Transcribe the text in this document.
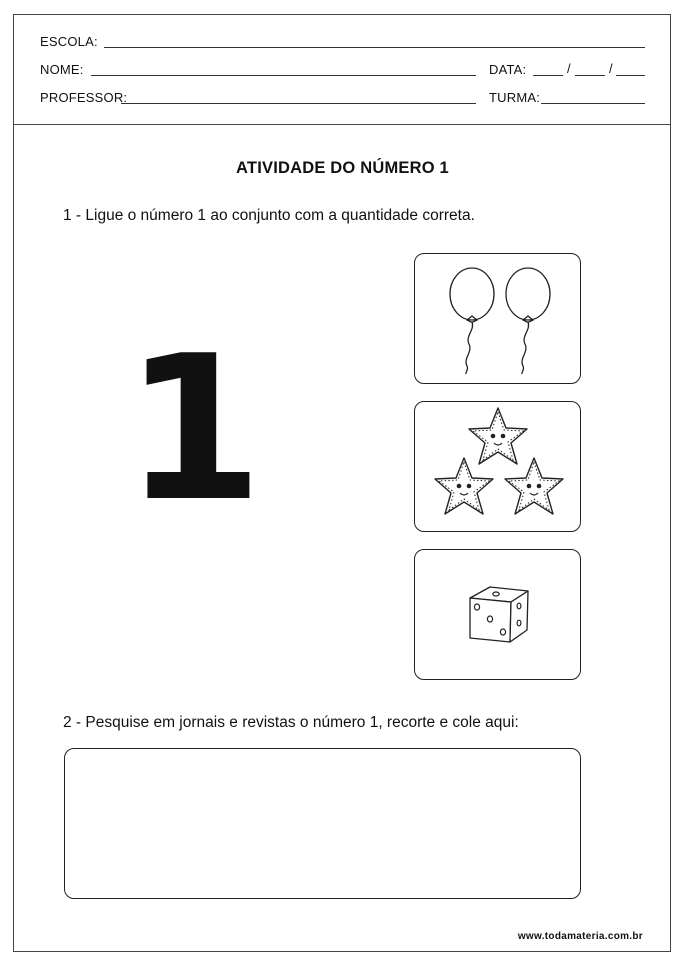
ESCOLA:
NOME:	DATA:	/	/
PROFESSOR:	TURMA:
ATIVIDADE DO NÚMERO 1
1 - Ligue o número 1 ao conjunto com a quantidade correta.
1
2 - Pesquise em jornais e revistas o número 1, recorte e cole aqui:
www.todamateria.com.br
